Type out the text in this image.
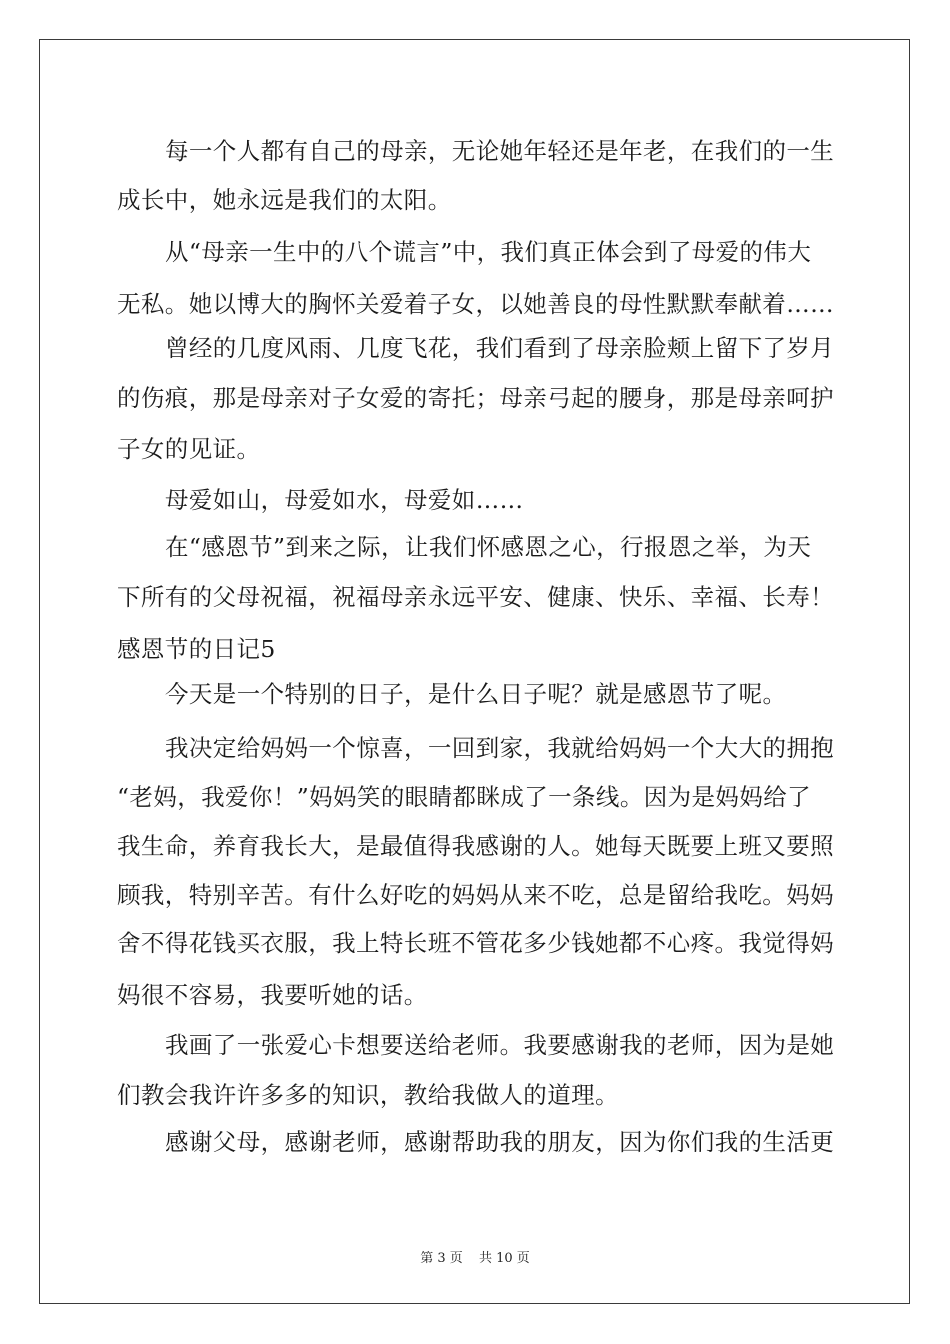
每一个人都有自己的母亲，无论她年轻还是年老，在我们的一生
成长中，她永远是我们的太阳。
从“母亲一生中的八个谎言”中，我们真正体会到了母爱的伟大
无私。她以博大的胸怀关爱着子女，以她善良的母性默默奉献着……
曾经的几度风雨、几度飞花，我们看到了母亲脸颊上留下了岁月
的伤痕，那是母亲对子女爱的寄托；母亲弓起的腰身，那是母亲呵护
子女的见证。
母爱如山，母爱如水，母爱如……
在“感恩节”到来之际，让我们怀感恩之心，行报恩之举，为天
下所有的父母祝福，祝福母亲永远平安、健康、快乐、幸福、长寿！
感恩节的日记5
今天是一个特别的日子，是什么日子呢？就是感恩节了呢。
我决定给妈妈一个惊喜，一回到家，我就给妈妈一个大大的拥抱
“老妈，我爱你！”妈妈笑的眼睛都眯成了一条线。因为是妈妈给了
我生命，养育我长大，是最值得我感谢的人。她每天既要上班又要照
顾我，特别辛苦。有什么好吃的妈妈从来不吃，总是留给我吃。妈妈
舍不得花钱买衣服，我上特长班不管花多少钱她都不心疼。我觉得妈
妈很不容易，我要听她的话。
我画了一张爱心卡想要送给老师。我要感谢我的老师，因为是她
们教会我许许多多的知识，教给我做人的道理。
感谢父母，感谢老师，感谢帮助我的朋友，因为你们我的生活更
第 3 页 共 10 页
